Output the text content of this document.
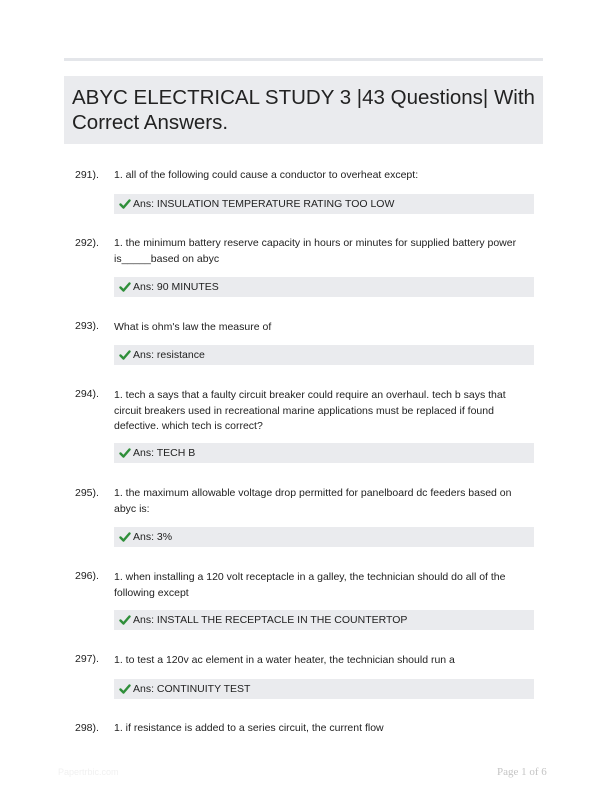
ABYC ELECTRICAL STUDY 3 |43 Questions| With Correct Answers.
291). 1. all of the following could cause a conductor to overheat except:
Ans: INSULATION TEMPERATURE RATING TOO LOW
292). 1. the minimum battery reserve capacity in hours or minutes for supplied battery power is_____based on abyc
Ans: 90 MINUTES
293). What is ohm's law the measure of
Ans: resistance
294). 1. tech a says that a faulty circuit breaker could require an overhaul. tech b says that circuit breakers used in recreational marine applications must be replaced if found defective. which tech is correct?
Ans: TECH B
295). 1. the maximum allowable voltage drop permitted for panelboard dc feeders based on abyc is:
Ans: 3%
296). 1. when installing a 120 volt receptacle in a galley, the technician should do all of the following except
Ans: INSTALL THE RECEPTACLE IN THE COUNTERTOP
297). 1. to test a 120v ac element in a water heater, the technician should run a
Ans: CONTINUITY TEST
298). 1. if resistance is added to a series circuit, the current flow
Papertrbic.com	Page 1 of 6
